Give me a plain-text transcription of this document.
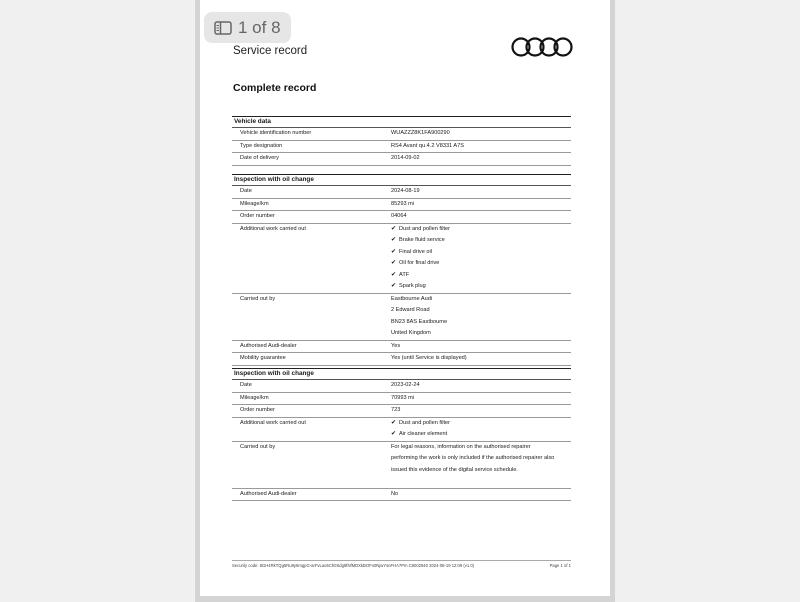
Service record
Complete record
Vehicle data
Vehicle identification number	WUAZZZ8K1FA900290
Type designation	RS4 Avant qu.4.2 V8331 A7S
Date of delivery	2014-09-02
Inspection with oil change
Date	2024-08-19
Mileage/km	85293 mi
Order number	04064
Additional work carried out	✔ Dust and pollen filter
✔ Brake fluid service
✔ Final drive oil
✔ Oil for final drive
✔ ATF
✔ Spark plug
Carried out by	Eastbourne Audi
2 Edward Road
BN23 8AS Eastbourne
United Kingdom
Authorised Audi-dealer	Yes
Mobility guarantee	Yes (until Service is displayed)
Inspection with oil change
Date	2023-02-24
Mileage/km	70993 mi
Order number	723
Additional work carried out	✔ Dust and pollen filter
✔ Air cleaner element
Carried out by	For legal reasons, information on the authorised repairer
performing the work is only included if the authorised repairer also
issued this evidence of the digital service schedule.
Authorised Audi-dealer	No
Security code: 8GH4RkTQg5Ru8y6mgpG-arFvLao5Ch0Sdg8fNfMDXkBOFo0NjwYsnFHA7Pm C8002940 2024-08-19 12:09 (v1.0)	Page 1 of 1
1 of 8
